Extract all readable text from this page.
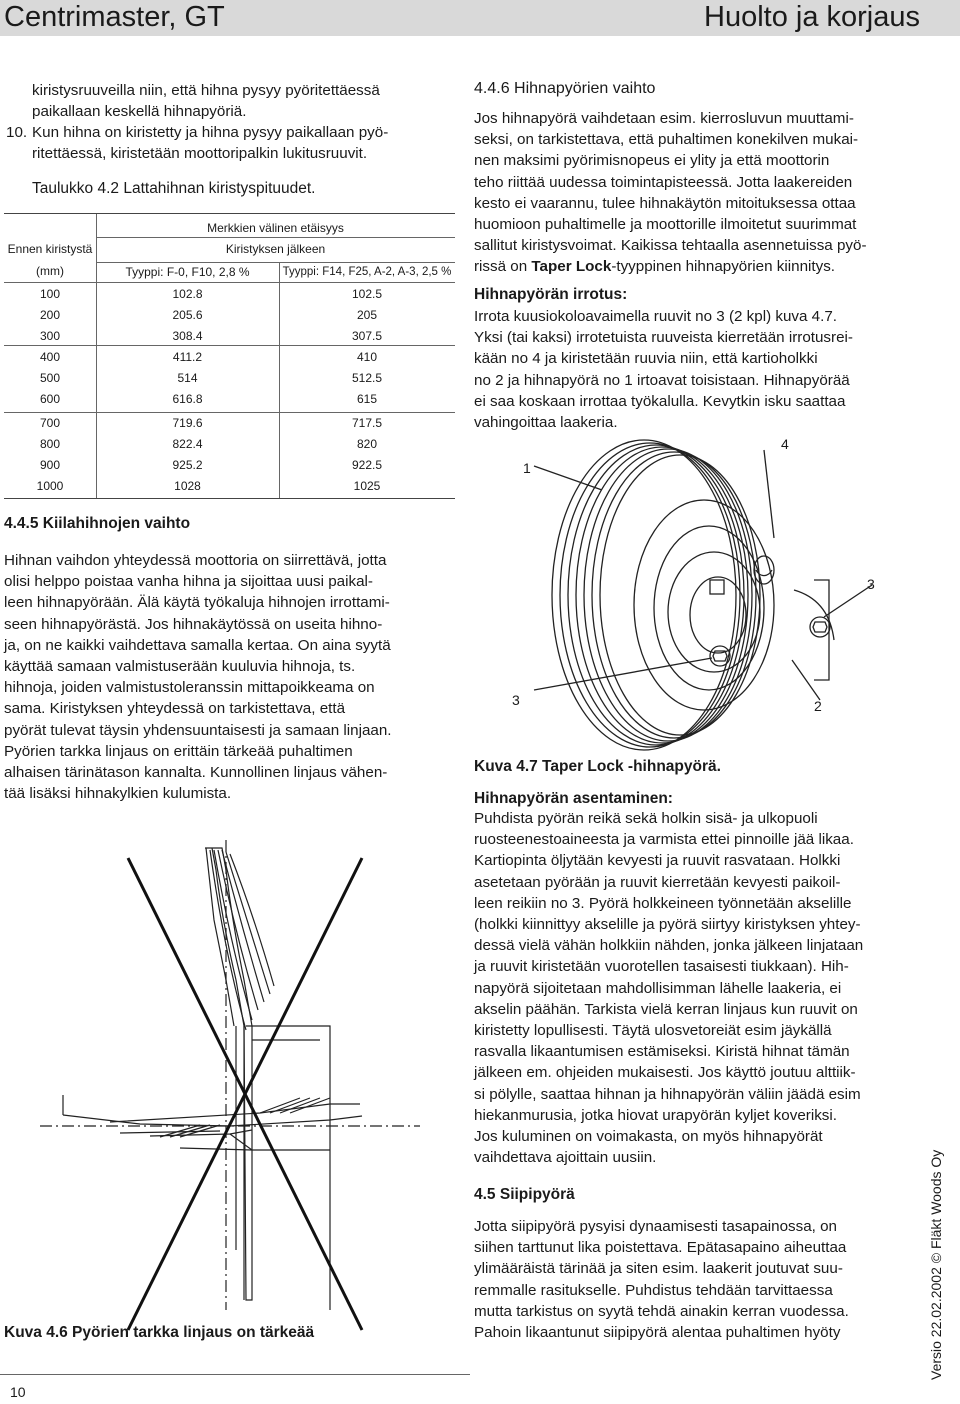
Centrimaster, GT	Huolto ja korjaus
kiristysruuveilla niin, että hihna pysyy pyöritettäessä
paikallaan keskellä hihnapyöriä.
10. Kun hihna on kiristetty ja hihna pysyy paikallaan pyö-
ritettäessä, kiristetään moottoripalkin lukitusruuvit.
Taulukko 4.2 Lattahihnan kiristyspituudet.
Merkkien välinen etäisyys
Ennen kiristystä
(mm)
Kiristyksen jälkeen
Tyyppi: F-0, F10, 2,8 %	Tyyppi: F14, F25, A-2, A-3, 2,5 %
100	102.8	102.5
200	205.6	205
300	308.4	307.5
400	411.2	410
500	514	512.5
600	616.8	615
700	719.6	717.5
800	822.4	820
900	925.2	922.5
1000	1028	1025
4.4.5 Kiilahihnojen vaihto
Hihnan vaihdon yhteydessä moottoria on siirrettävä, jotta
olisi helppo poistaa vanha hihna ja sijoittaa uusi paikal-
leen hihnapyörään. Älä käytä työkaluja hihnojen irrottami-
seen hihnapyörästä. Jos hihnakäytössä on useita hihno-
ja, on ne kaikki vaihdettava samalla kertaa. On aina syytä
käyttää samaan valmistuserään kuuluvia hihnoja, ts.
hihnoja, joiden valmistustoleranssin mittapoikkeama on
sama. Kiristyksen yhteydessä on tarkistettava, että
pyörät tulevat täysin yhdensuuntaisesti ja samaan linjaan.
Pyörien tarkka linjaus on erittäin tärkeää puhaltimen
alhaisen tärinätason kannalta. Kunnollinen linjaus vähen-
tää lisäksi hihnakylkien kulumista.
Kuva 4.6 Pyörien tarkka linjaus on tärkeää
10
4.4.6 Hihnapyörien vaihto
Jos hihnapyörä vaihdetaan esim. kierrosluvun muuttami-
seksi, on tarkistettava, että puhaltimen konekilven mukai-
nen maksimi pyörimisnopeus ei ylity ja että moottorin
teho riittää uudessa toimintapisteessä. Jotta laakereiden
kesto ei vaarannu, tulee hihnakäytön mitoituksessa ottaa
huomioon puhaltimelle ja moottorille ilmoitetut suurimmat
sallitut kiristysvoimat. Kaikissa tehtaalla asennetuissa pyö-
rissä on Taper Lock-tyyppinen hihnapyörien kiinnitys.
Hihnapyörän irrotus:
Irrota kuusiokoloavaimella ruuvit no 3 (2 kpl) kuva 4.7.
Yksi (tai kaksi) irrotetuista ruuveista kierretään irrotusrei-
kään no 4 ja kiristetään ruuvia niin, että kartioholkki
no 2 ja hihnapyörä no 1 irtoavat toisistaan. Hihnapyörää
ei saa koskaan irrottaa työkalulla. Kevytkin isku saattaa
vahingoittaa laakeria.
1
4
3
3	2
Kuva 4.7 Taper Lock -hihnapyörä.
Hihnapyörän asentaminen:
Puhdista pyörän reikä sekä holkin sisä- ja ulkopuoli
ruosteenestoaineesta ja varmista ettei pinnoille jää likaa.
Kartiopinta öljytään kevyesti ja ruuvit rasvataan. Holkki
asetetaan pyörään ja ruuvit kierretään kevyesti paikoil-
leen reikiin no 3. Pyörä holkkeineen työnnetään akselille
(holkki kiinnittyy akselille ja pyörä siirtyy kiristyksen yhtey-
dessä vielä vähän holkkiin nähden, jonka jälkeen linjataan
ja ruuvit kiristetään vuorotellen tasaisesti tiukkaan). Hih-
napyörä sijoitetaan mahdollisimman lähelle laakeria, ei
akselin päähän. Tarkista vielä kerran linjaus kun ruuvit on
kiristetty lopullisesti. Täytä ulosvetoreiät esim jäykällä
rasvalla likaantumisen estämiseksi. Kiristä hihnat tämän
jälkeen em. ohjeiden mukaisesti. Jos käyttö joutuu alttiik-
si pölylle, saattaa hihnan ja hihnapyörän väliin jäädä esim
hiekanmurusia, jotka hiovat urapyörän kyljet koveriksi.
Jos kuluminen on voimakasta, on myös hihnapyörät
vaihdettava ajoittain uusiin.
4.5 Siipipyörä
Jotta siipipyörä pysyisi dynaamisesti tasapainossa, on
siihen tarttunut lika poistettava. Epätasapaino aiheuttaa
ylimääräistä tärinää ja siten esim. laakerit joutuvat suu-
remmalle rasitukselle. Puhdistus tehdään tarvittaessa
mutta tarkistus on syytä tehdä ainakin kerran vuodessa.
Pahoin likaantunut siipipyörä alentaa puhaltimen hyöty	Versio 22.02.2002 © Fläkt Woods Oy
